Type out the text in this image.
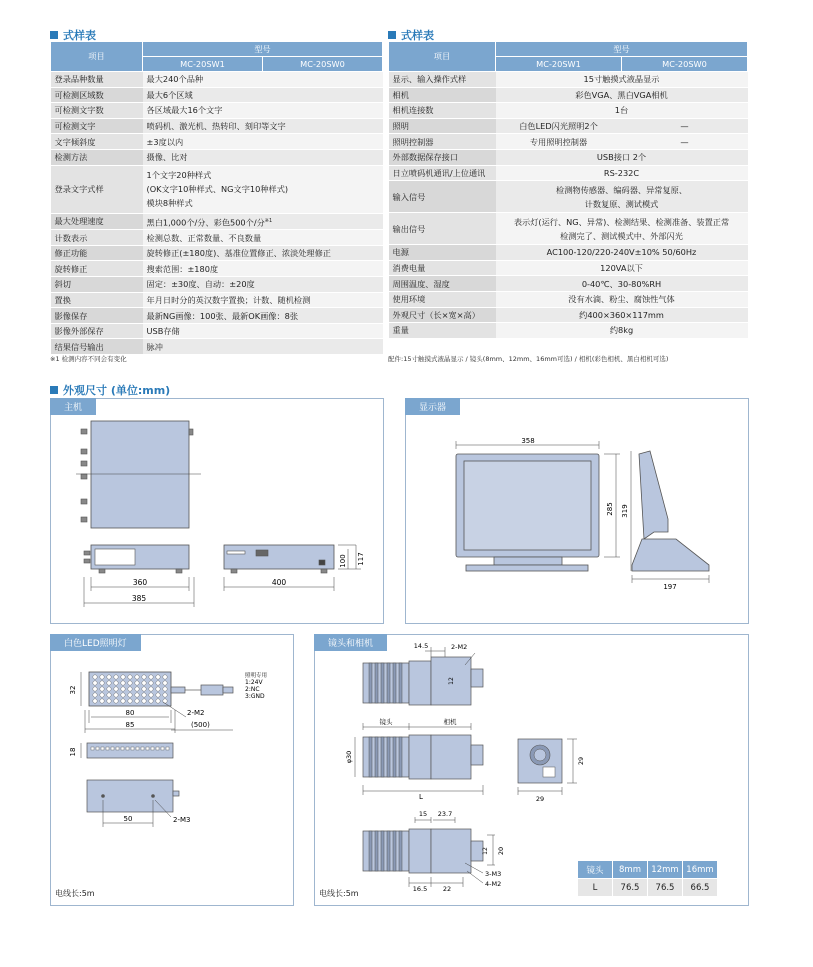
式样表
项目	型号	
	MC-20SW1	MC-20SW0
登录品种数量	最大240个品种	
可检测区域数	最大6个区域	
可检测文字数	各区域最大16个文字	
可检测文字	喷码机、激光机、热转印、刻印等文字	
文字倾斜度	±3度以内	
检测方法	摄像、比对	
登录文字式样	1个文字20种样式
(OK文字10种样式、NG文字10种样式)
模块8种样式	

最大处理速度	黑白1,000个/分、彩色500个/分$^{※1}$
计数表示	检测总数、正常数量、不良数量	
修正功能	旋转修正(±180度)、基准位置修正、浓淡处理修正	
旋转修正	搜索范围：±180度	
斜切	固定：±30度、自动：±20度	
置换	年月日时分的英汉数字置换；计数、随机检测	
影像保存	最新NG画像：100张、最新OK画像：8张	
影像外部保存	USB存储	
结果信号输出	脉冲	
※1 检测内容不同会有变化
式样表
项目	型号	
	MC-20SW1	MC-20SW0
显示、输入操作式样	15寸触摸式液晶显示	
相机	彩色VGA、黑白VGA相机	
相机连接数	1台	
照明	白色LED闪光照明2个	—
照明控制器	专用照明控制器	—
外部数据保存接口	USB接口 2个	
日立喷码机通讯/上位通讯	RS-232C	
输入信号	检测物传感器、编码器、异常复原、
计数复原、测试模式	

输出信号	表示灯(运行、NG、异常)、检测结果、检测准备、装置正常
检测完了、测试模式中、外部闪光	

电源	AC100-120/220-240V±10% 50/60Hz	
消费电量	120VA以下	
周围温度、湿度	0-40℃、30-80%RH	
使用环境	没有水滴、粉尘、腐蚀性气体	
外观尺寸（长×宽×高）	约400×360×117mm	
重量	约8kg	
配件:15寸触摸式液晶显示 / 镜头(8mm、12mm、16mm可选) / 相机(彩色相机、黑白相机可选)
外观尺寸 (单位:mm)
主机
360
385
400
100 117
显示器
358
285 319
197
白色LED照明灯
32
80
85
2-M2
(500)
照明专用
1:24V
2:NC
3:GND
18
50	2-M3
电线长:5m
镜头和相机	14.5	2-M2
12
镜头	相机
φ30
L
29
29
15 23.7
12 20
16.5 22
3-M3
4-M2
电线长:5m
镜头	8mm	12mm	16mm
L	76.5	76.5	66.5
